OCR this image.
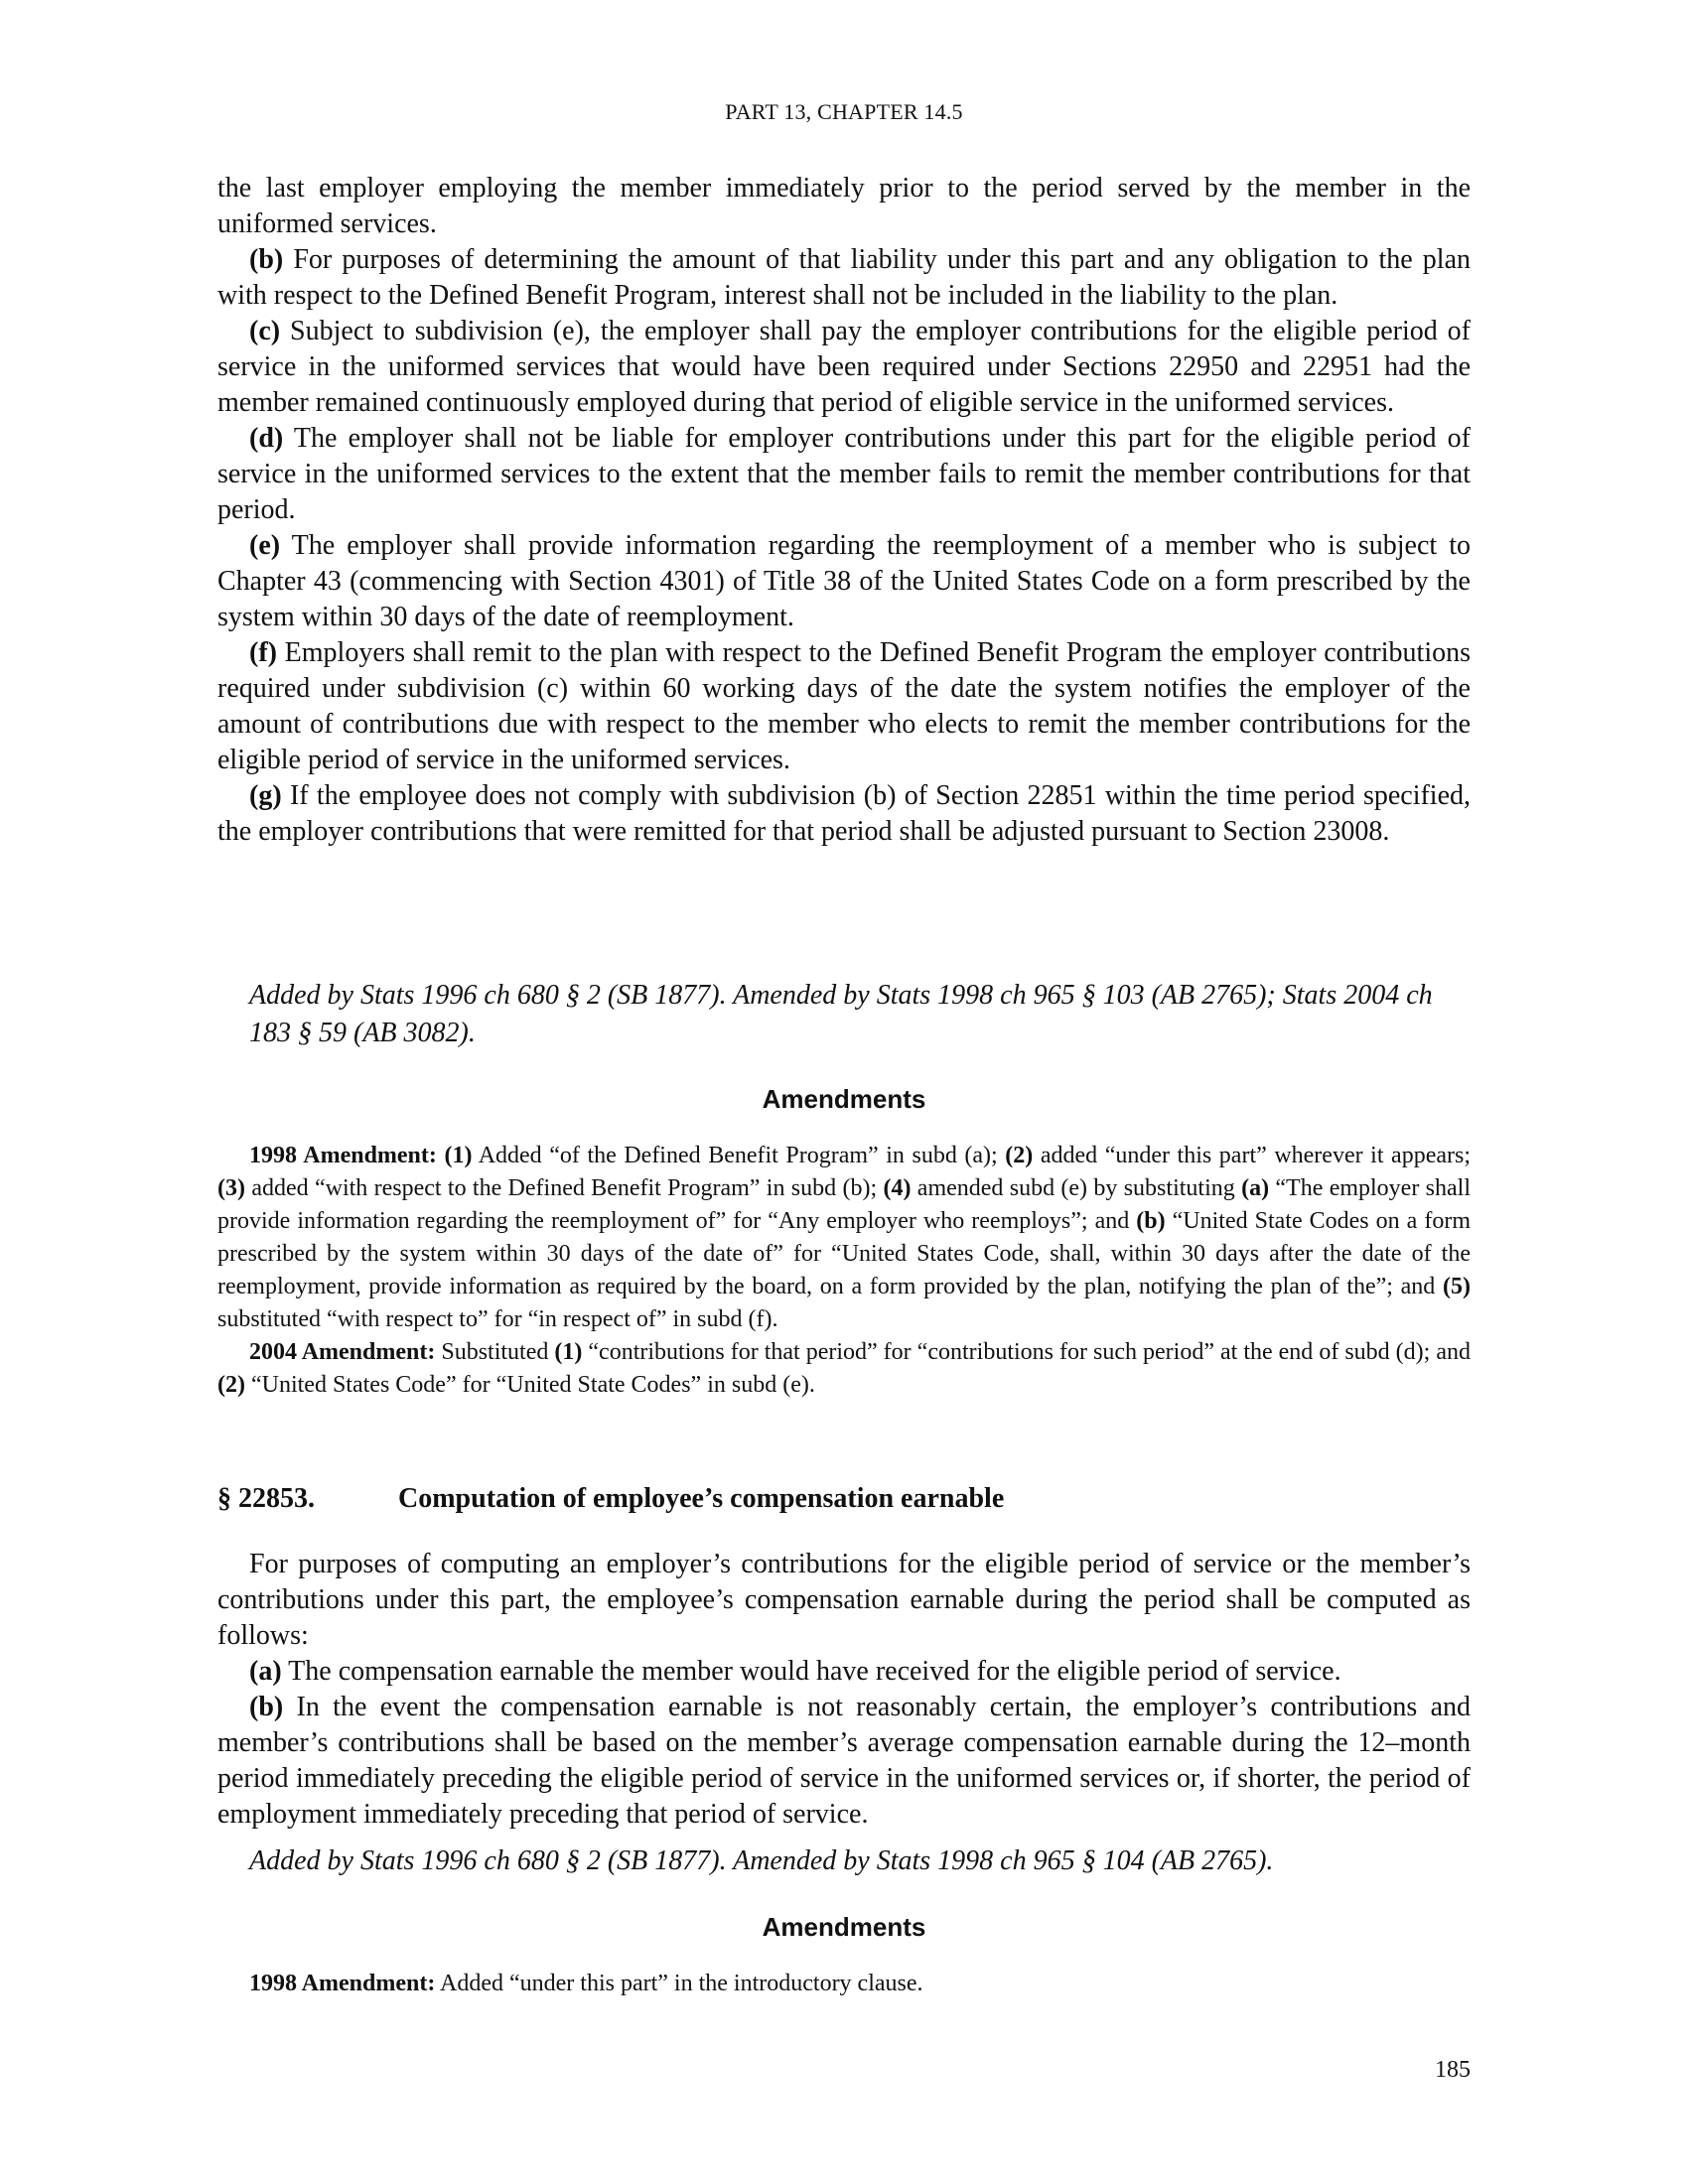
PART 13, CHAPTER 14.5

the last employer employing the member immediately prior to the period served by the member in the uniformed services.

(b) For purposes of determining the amount of that liability under this part and any obligation to the plan with respect to the Defined Benefit Program, interest shall not be included in the liability to the plan.

(c) Subject to subdivision (e), the employer shall pay the employer contributions for the eligible period of service in the uniformed services that would have been required under Sections 22950 and 22951 had the member remained continuously employed during that period of eligible service in the uniformed services.

(d) The employer shall not be liable for employer contributions under this part for the eligible period of service in the uniformed services to the extent that the member fails to remit the member contributions for that period.

(e) The employer shall provide information regarding the reemployment of a member who is subject to Chapter 43 (commencing with Section 4301) of Title 38 of the United States Code on a form prescribed by the system within 30 days of the date of reemployment.

(f) Employers shall remit to the plan with respect to the Defined Benefit Program the employer contributions required under subdivision (c) within 60 working days of the date the system notifies the employer of the amount of contributions due with respect to the member who elects to remit the member contributions for the eligible period of service in the uniformed services.

(g) If the employee does not comply with subdivision (b) of Section 22851 within the time period specified, the employer contributions that were remitted for that period shall be adjusted pursuant to Section 23008.

Added by Stats 1996 ch 680 § 2 (SB 1877). Amended by Stats 1998 ch 965 § 103 (AB 2765); Stats 2004 ch 183 § 59 (AB 3082).

Amendments

1998 Amendment: (1) Added “of the Defined Benefit Program” in subd (a); (2) added “under this part” wherever it appears; (3) added “with respect to the Defined Benefit Program” in subd (b); (4) amended subd (e) by substituting (a) “The employer shall provide information regarding the reemployment of” for “Any employer who reemploys”; and (b) “United State Codes on a form prescribed by the system within 30 days of the date of” for “United States Code, shall, within 30 days after the date of the reemployment, provide information as required by the board, on a form provided by the plan, notifying the plan of the”; and (5) substituted “with respect to” for “in respect of” in subd (f).

2004 Amendment: Substituted (1) “contributions for that period” for “contributions for such period” at the end of subd (d); and (2) “United States Code” for “United State Codes” in subd (e).

§ 22853.	Computation of employee’s compensation earnable

For purposes of computing an employer’s contributions for the eligible period of service or the member’s contributions under this part, the employee’s compensation earnable during the period shall be computed as follows:

(a) The compensation earnable the member would have received for the eligible period of service.

(b) In the event the compensation earnable is not reasonably certain, the employer’s contributions and member’s contributions shall be based on the member’s average compensation earnable during the 12–month period immediately preceding the eligible period of service in the uniformed services or, if shorter, the period of employment immediately preceding that period of service.

Added by Stats 1996 ch 680 § 2 (SB 1877). Amended by Stats 1998 ch 965 § 104 (AB 2765).

Amendments

1998 Amendment: Added “under this part” in the introductory clause.

185
